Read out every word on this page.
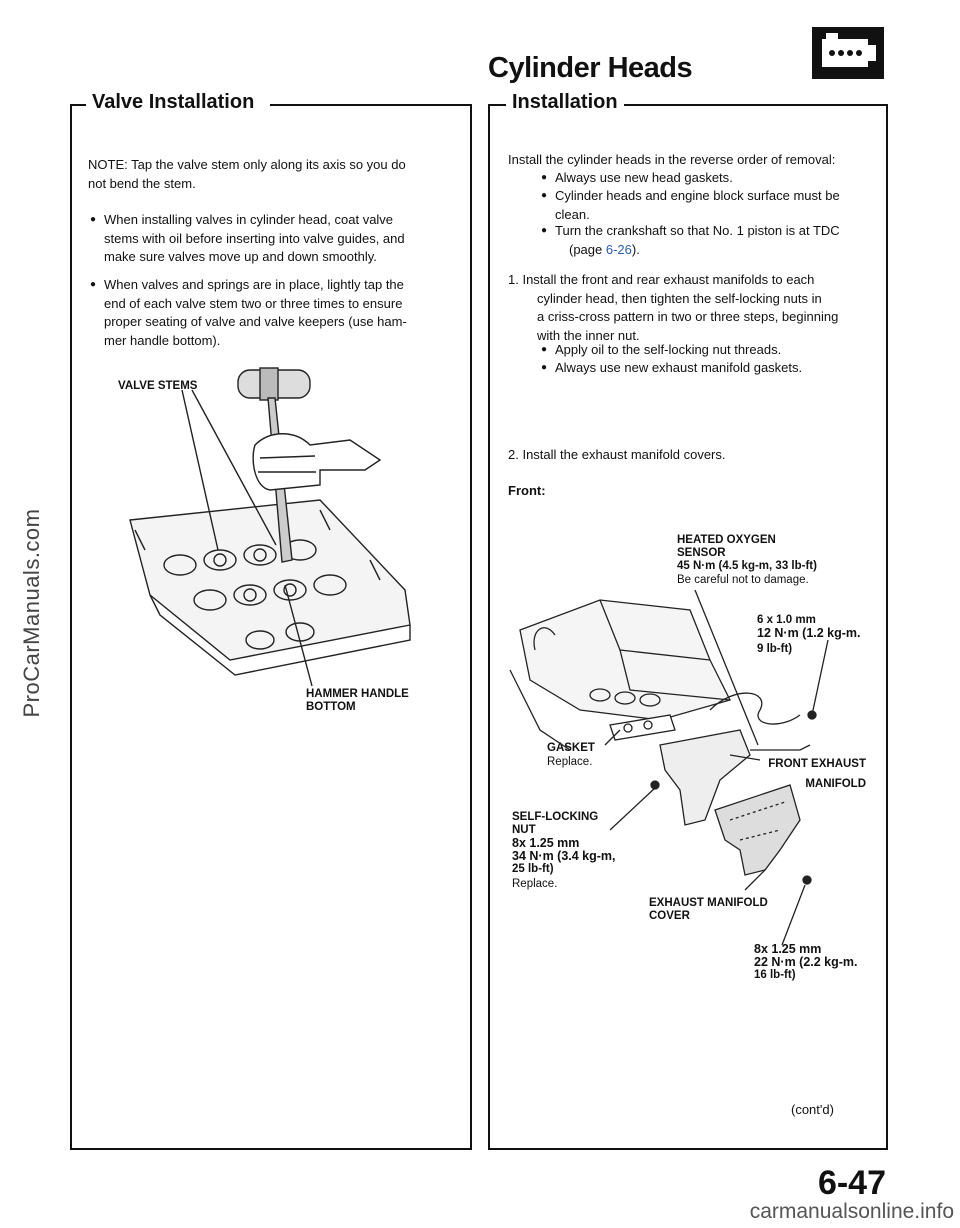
ProCarManuals.com
carmanualsonline.info
Cylinder Heads
Valve Installation
NOTE: Tap the valve stem only along its axis so you do
not bend the stem.
● When installing valves in cylinder head, coat valve
stems with oil before inserting into valve guides, and
make sure valves move up and down smoothly.
● When valves and springs are in place, lightly tap the
end of each valve stem two or three times to ensure
proper seating of valve and valve keepers (use ham-
mer handle bottom).
VALVE STEMS
HAMMER HANDLE
BOTTOM
Installation
Install the cylinder heads in the reverse order of removal:
● Always use new head gaskets.
● Cylinder heads and engine block surface must be
clean.
● Turn the crankshaft so that No. 1 piston is at TDC
(page 6-26).
1. Install the front and rear exhaust manifolds to each
cylinder head, then tighten the self-locking nuts in
a criss-cross pattern in two or three steps, beginning
with the inner nut.
● Apply oil to the self-locking nut threads.
● Always use new exhaust manifold gaskets.
2. Install the exhaust manifold covers.
Front:
HEATED OXYGEN
SENSOR
45 N·m (4.5 kg-m, 33 lb-ft)
Be careful not to damage.
6 x 1.0 mm
12 N·m (1.2 kg-m.
9 lb-ft)
GASKET
Replace.	FRONT EXHAUST
MANIFOLD
SELF-LOCKING
NUT
8x 1.25 mm
34 N·m (3.4 kg-m,
25 lb-ft)
Replace.
EXHAUST MANIFOLD
COVER
8x 1.25 mm
22 N·m (2.2 kg-m.
16 lb-ft)
(cont'd)
6-47
